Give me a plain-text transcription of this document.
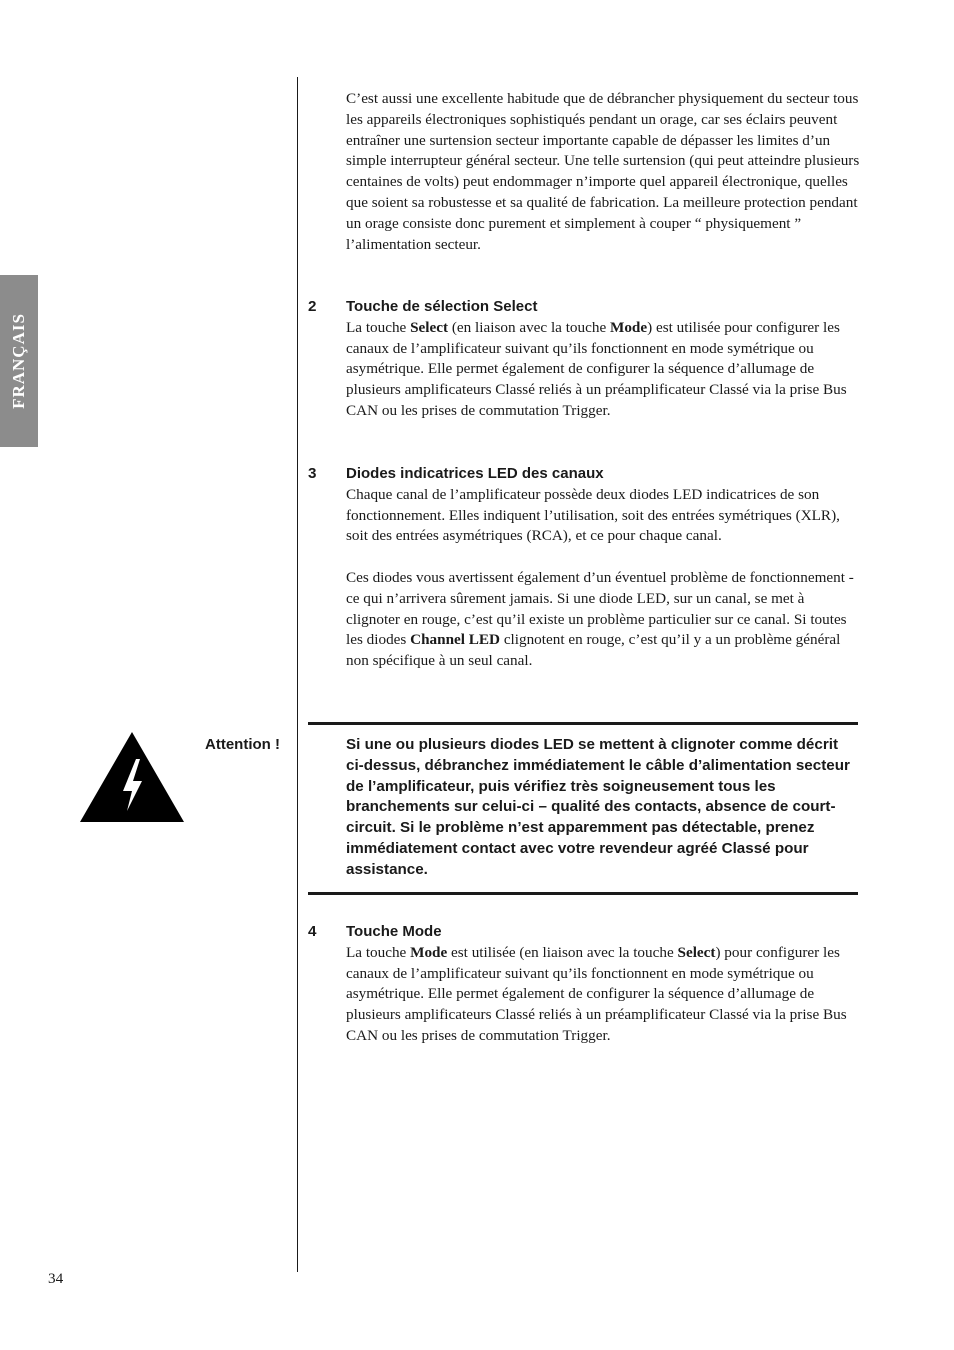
FRANÇAIS

C’est aussi une excellente habitude que de débrancher physiquement du secteur tous les appareils électroniques sophistiqués pendant un orage, car ses éclairs peuvent entraîner une surtension secteur importante capable de dépasser les limites d’un simple interrupteur général secteur. Une telle surtension (qui peut atteindre plusieurs centaines de volts) peut endommager n’importe quel appareil électronique, quelles que soient sa robustesse et sa qualité de fabrication. La meilleure protection pendant un orage consiste donc purement et simplement à couper “ physiquement ” l’alimentation secteur.

2 Touche de sélection Select
La touche Select (en liaison avec la touche Mode) est utilisée pour configurer les canaux de l’amplificateur suivant qu’ils fonctionnent en mode symétrique ou asymétrique. Elle permet également de configurer la séquence d’allumage de plusieurs amplificateurs Classé reliés à un préamplificateur Classé via la prise Bus CAN ou les prises de commutation Trigger.
3 Diodes indicatrices LED des canaux
Chaque canal de l’amplificateur possède deux diodes LED indicatrices de son fonctionnement. Elles indiquent l’utilisation, soit des entrées symétriques (XLR), soit des entrées asymétriques (RCA), et ce pour chaque canal.
Ces diodes vous avertissent également d’un éventuel problème de fonctionnement - ce qui n’arrivera sûrement jamais. Si une diode LED, sur un canal, se met à clignoter en rouge, c’est qu’il existe un problème particulier sur ce canal. Si toutes les diodes Channel LED clignotent en rouge, c’est qu’il y a un problème général non spécifique à un seul canal.
Attention !	Si une ou plusieurs diodes LED se mettent à clignoter comme décrit ci-dessus, débranchez immédiatement le câble d’alimentation secteur de l’amplificateur, puis vérifiez très soigneusement tous les branchements sur celui-ci – qualité des contacts, absence de court-circuit. Si le problème n’est apparemment pas détectable, prenez immédiatement contact avec votre revendeur agréé Classé pour assistance.

4 Touche Mode
La touche Mode est utilisée (en liaison avec la touche Select) pour configurer les canaux de l’amplificateur suivant qu’ils fonctionnent en mode symétrique ou asymétrique. Elle permet également de configurer la séquence d’allumage de plusieurs amplificateurs Classé reliés à un préamplificateur Classé via la prise Bus CAN ou les prises de commutation Trigger.
34
